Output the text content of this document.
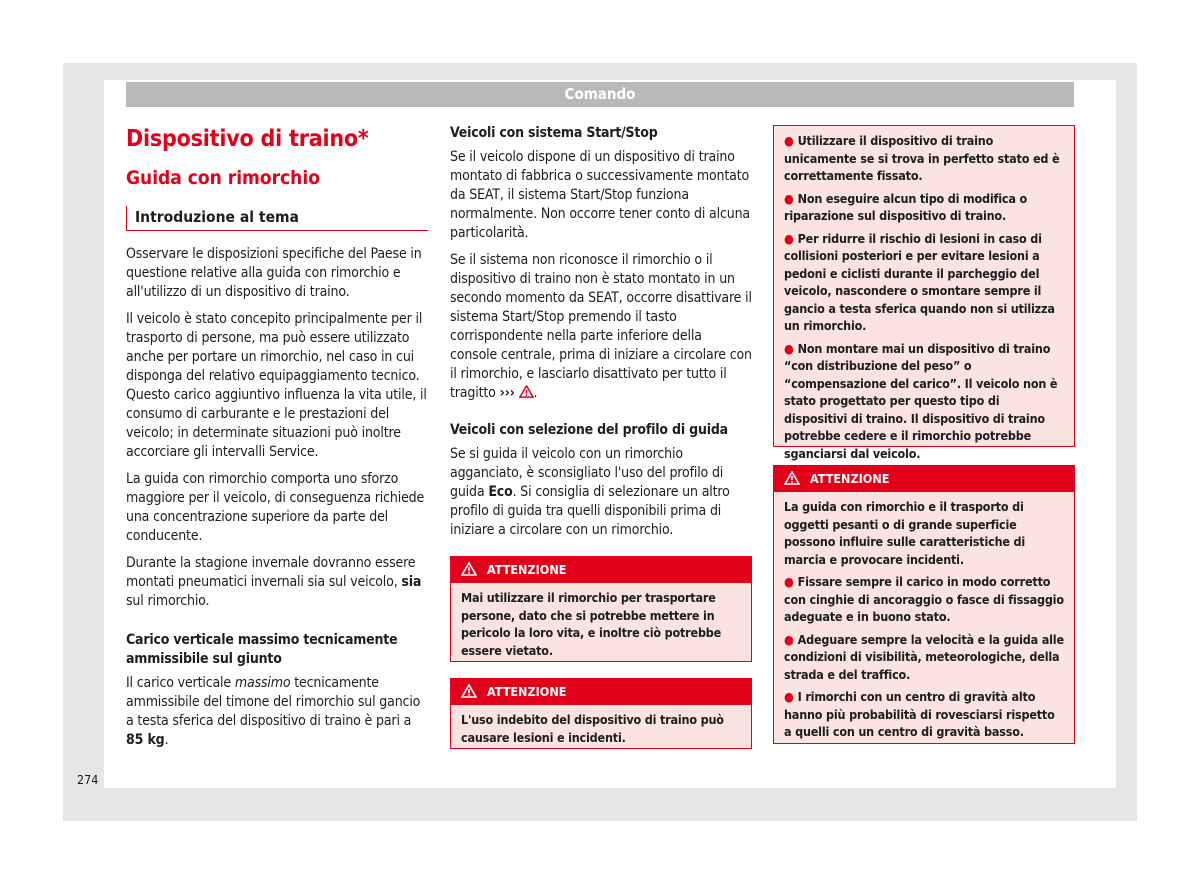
Comando
Dispositivo di traino*
Guida con rimorchio
Introduzione al tema

Osservare le disposizioni specifiche del Paese in questione relative alla guida con rimorchio e all'utilizzo di un dispositivo di traino.

Il veicolo è stato concepito principalmente per il trasporto di persone, ma può essere utilizzato anche per portare un rimorchio, nel caso in cui disponga del relativo equipaggiamento tecnico. Questo carico aggiuntivo influenza la vita utile, il consumo di carburante e le prestazioni del veicolo; in determinate situazioni può inoltre accorciare gli intervalli Service.

La guida con rimorchio comporta uno sforzo maggiore per il veicolo, di conseguenza richiede una concentrazione superiore da parte del conducente.

Durante la stagione invernale dovranno essere montati pneumatici invernali sia sul veicolo, sia sul rimorchio.

Carico verticale massimo tecnicamente ammissibile sul giunto

Il carico verticale massimo tecnicamente ammissibile del timone del rimorchio sul gancio a testa sferica del dispositivo di traino è pari a 85 kg.

Veicoli con sistema Start/Stop

Se il veicolo dispone di un dispositivo di traino montato di fabbrica o successivamente montato da SEAT, il sistema Start/Stop funziona normalmente. Non occorre tener conto di alcuna particolarità.

Se il sistema non riconosce il rimorchio o il dispositivo di traino non è stato montato in un secondo momento da SEAT, occorre disattivare il sistema Start/Stop premendo il tasto corrispondente nella parte inferiore della console centrale, prima di iniziare a circolare con il rimorchio, e lasciarlo disattivato per tutto il tragitto ››› .

Veicoli con selezione del profilo di guida

Se si guida il veicolo con un rimorchio agganciato, è sconsigliato l'uso del profilo di guida Eco. Si consiglia di selezionare un altro profilo di guida tra quelli disponibili prima di iniziare a circolare con un rimorchio.

ATTENZIONE
Mai utilizzare il rimorchio per trasportare persone, dato che si potrebbe mettere in pericolo la loro vita, e inoltre ciò potrebbe essere vietato.
ATTENZIONE
L'uso indebito del dispositivo di traino può causare lesioni e incidenti.
● Utilizzare il dispositivo di traino unicamente se si trova in perfetto stato ed è correttamente fissato.
● Non eseguire alcun tipo di modifica o riparazione sul dispositivo di traino.
● Per ridurre il rischio di lesioni in caso di collisioni posteriori e per evitare lesioni a pedoni e ciclisti durante il parcheggio del veicolo, nascondere o smontare sempre il gancio a testa sferica quando non si utilizza un rimorchio.
● Non montare mai un dispositivo di traino “con distribuzione del peso” o “compensazione del carico”. Il veicolo non è stato progettato per questo tipo di dispositivi di traino. Il dispositivo di traino potrebbe cedere e il rimorchio potrebbe sganciarsi dal veicolo.
ATTENZIONE
La guida con rimorchio e il trasporto di oggetti pesanti o di grande superficie possono influire sulle caratteristiche di marcia e provocare incidenti.
● Fissare sempre il carico in modo corretto con cinghie di ancoraggio o fasce di fissaggio adeguate e in buono stato.
● Adeguare sempre la velocità e la guida alle condizioni di visibilità, meteorologiche, della strada e del traffico.
● I rimorchi con un centro di gravità alto hanno più probabilità di rovesciarsi rispetto a quelli con un centro di gravità basso.
274
